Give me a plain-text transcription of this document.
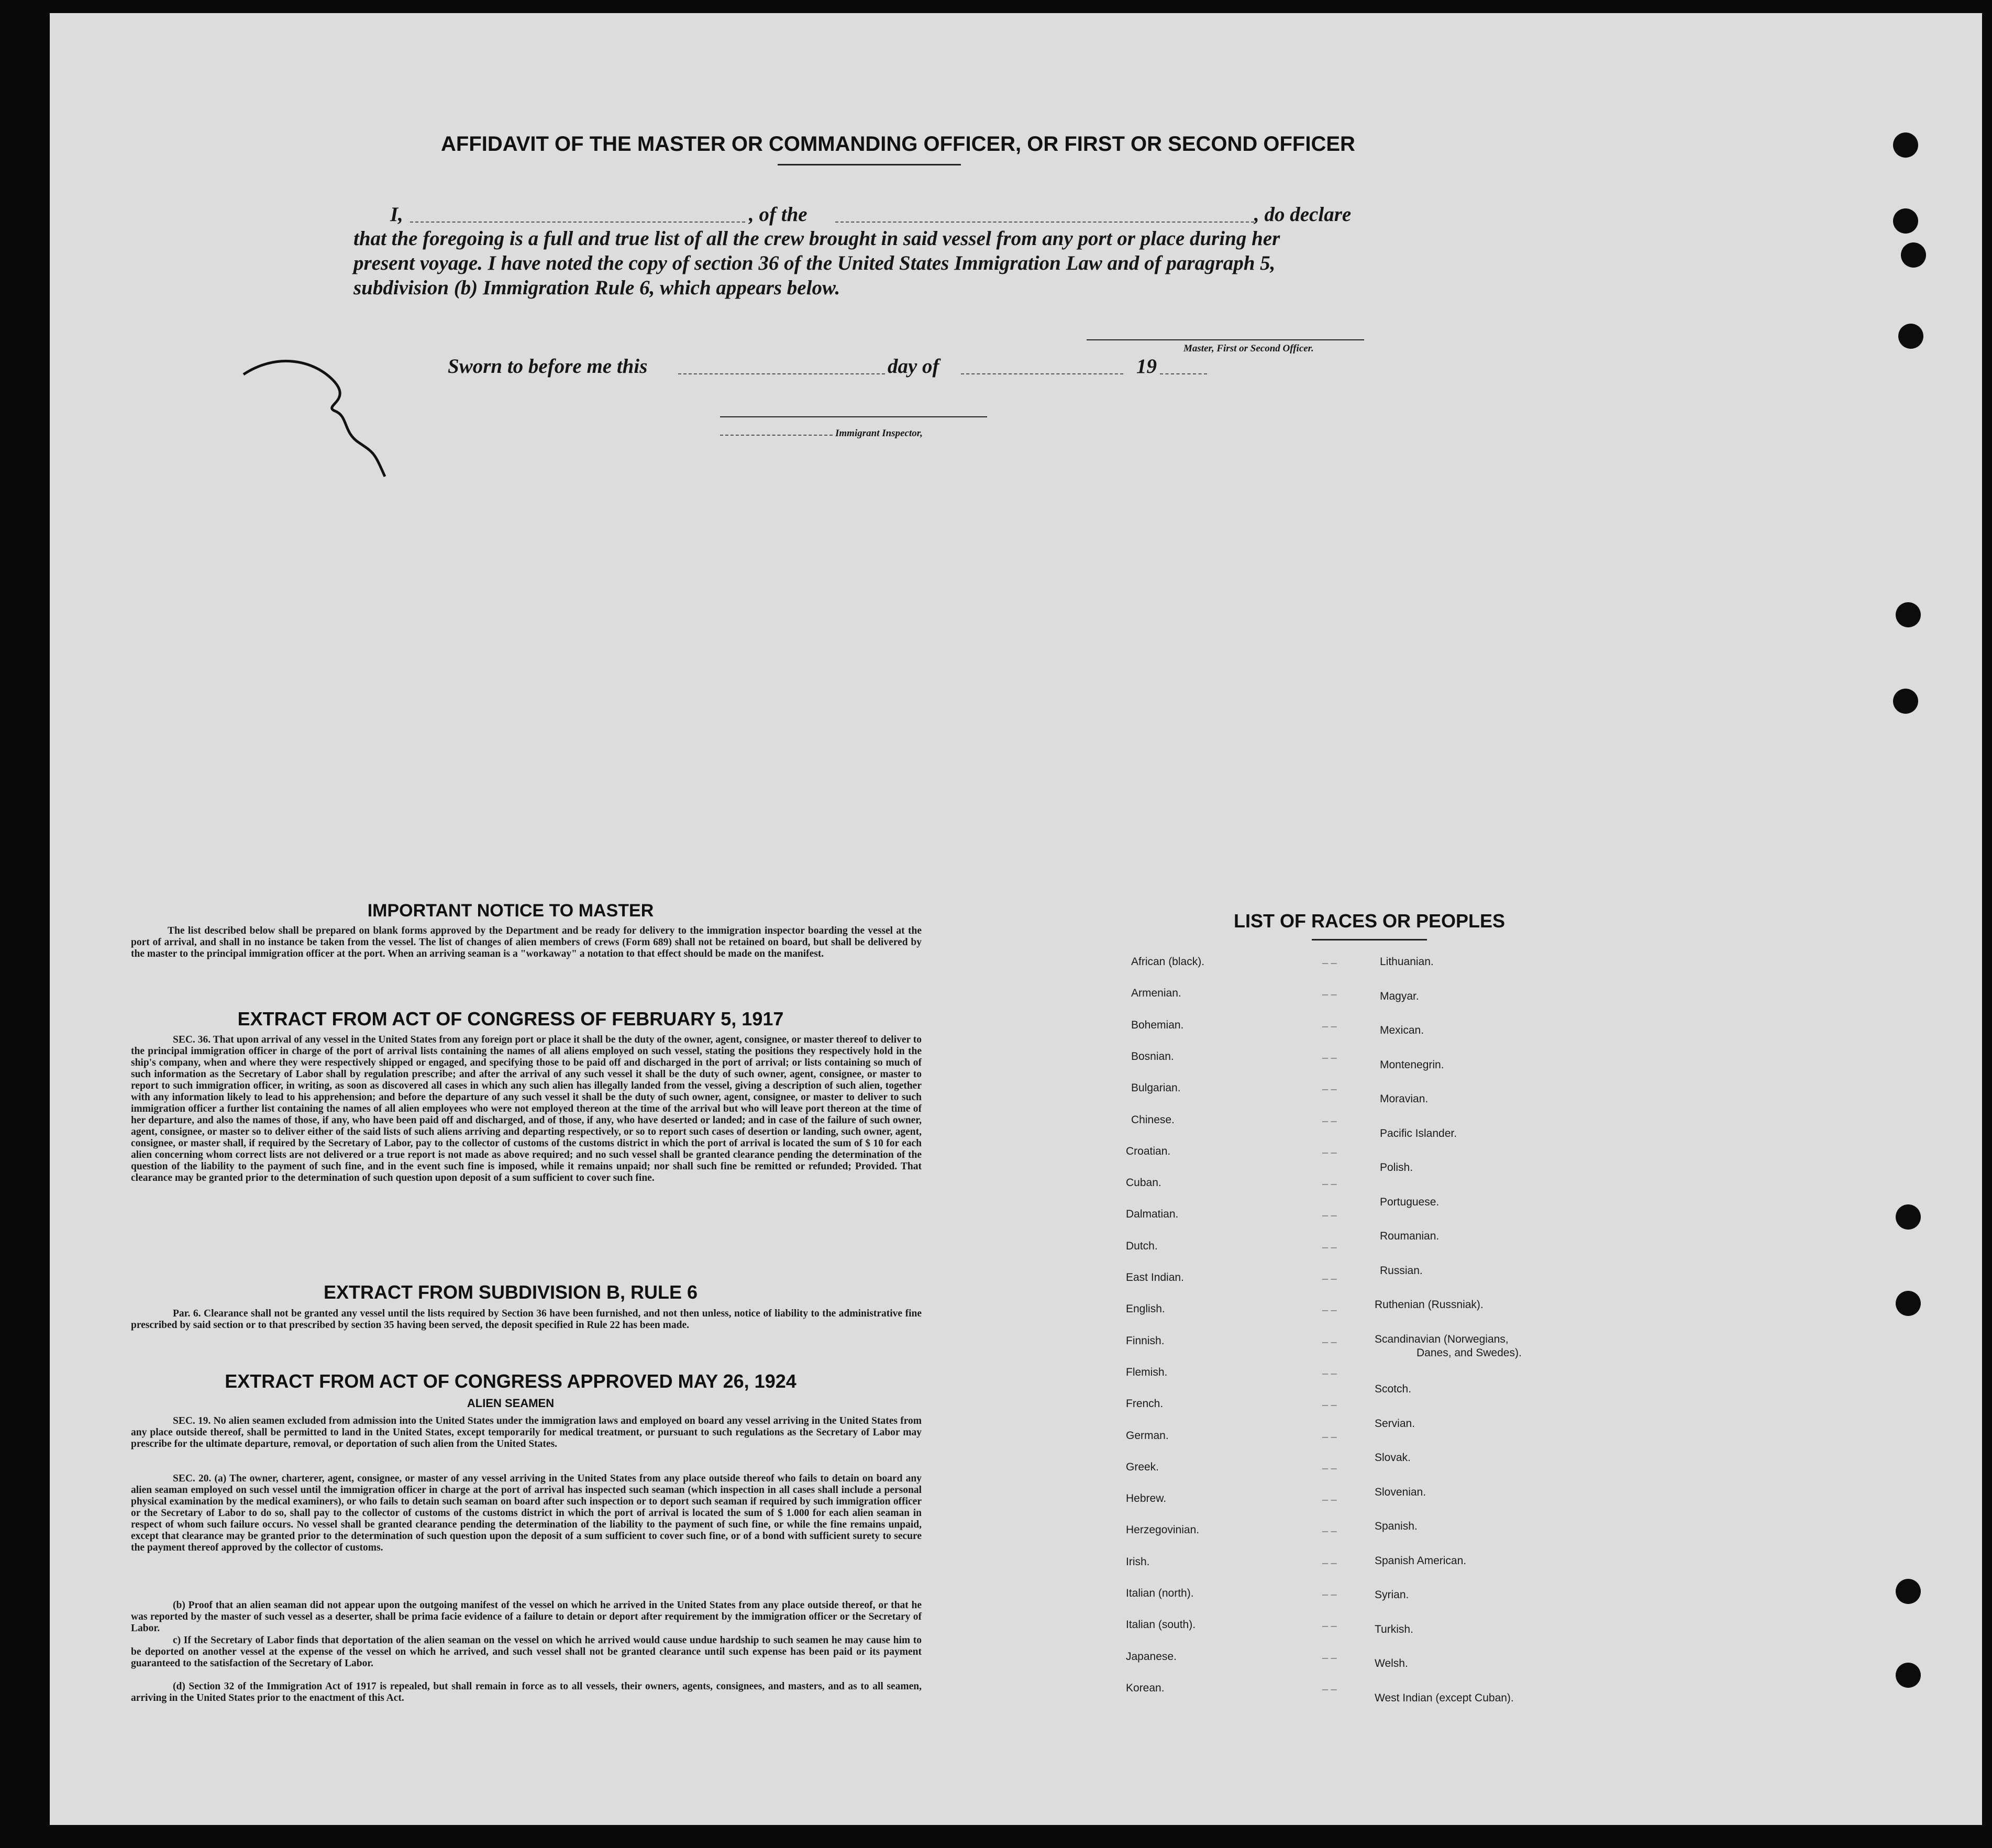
AFFIDAVIT OF THE MASTER OR COMMANDING OFFICER, OR FIRST OR SECOND OFFICER
I,	, of the	, do declare
that the foregoing is a full and true list of all the crew brought in said vessel from any port or place during her
present voyage. I have noted the copy of section 36 of the United States Immigration Law and of paragraph 5,
subdivision (b) Immigration Rule 6, which appears below.
Master, First or Second Officer.
Sworn to before me this	day of	19
Immigrant Inspector,
IMPORTANT NOTICE TO MASTER

The list described below shall be prepared on blank forms approved by the Department and be ready for delivery to the immigration inspector boarding the vessel at the port of arrival, and shall in no instance be taken from the vessel. The list of changes of alien members of crews (Form 689) shall not be retained on board, but shall be delivered by the master to the principal immigration officer at the port. When an arriving seaman is a "workaway" a notation to that effect should be made on the manifest.

EXTRACT FROM ACT OF CONGRESS OF FEBRUARY 5, 1917

SEC. 36. That upon arrival of any vessel in the United States from any foreign port or place it shall be the duty of the owner, agent, consignee, or master thereof to deliver to the principal immigration officer in charge of the port of arrival lists containing the names of all aliens employed on such vessel, stating the positions they respectively hold in the ship's company, when and where they were respectively shipped or engaged, and specifying those to be paid off and discharged in the port of arrival; or lists containing so much of such information as the Secretary of Labor shall by regulation prescribe; and after the arrival of any such vessel it shall be the duty of such owner, agent, consignee, or master to report to such immigration officer, in writing, as soon as discovered all cases in which any such alien has illegally landed from the vessel, giving a description of such alien, together with any information likely to lead to his apprehension; and before the departure of any such vessel it shall be the duty of such owner, agent, consignee, or master to deliver to such immigration officer a further list containing the names of all alien employees who were not employed thereon at the time of the arrival but who will leave port thereon at the time of her departure, and also the names of those, if any, who have been paid off and discharged, and of those, if any, who have deserted or landed; and in case of the failure of such owner, agent, consignee, or master so to deliver either of the said lists of such aliens arriving and departing respectively, or so to report such cases of desertion or landing, such owner, agent, consignee, or master shall, if required by the Secretary of Labor, pay to the collector of customs of the customs district in which the port of arrival is located the sum of $ 10 for each alien concerning whom correct lists are not delivered or a true report is not made as above required; and no such vessel shall be granted clearance pending the determination of the question of the liability to the payment of such fine, and in the event such fine is imposed, while it remains unpaid; nor shall such fine be remitted or refunded; Provided. That clearance may be granted prior to the determination of such question upon deposit of a sum sufficient to cover such fine.

EXTRACT FROM SUBDIVISION B, RULE 6

Par. 6. Clearance shall not be granted any vessel until the lists required by Section 36 have been furnished, and not then unless, notice of liability to the administrative fine prescribed by said section or to that prescribed by section 35 having been served, the deposit specified in Rule 22 has been made.

EXTRACT FROM ACT OF CONGRESS APPROVED MAY 26, 1924
ALIEN SEAMEN

SEC. 19. No alien seamen excluded from admission into the United States under the immigration laws and employed on board any vessel arriving in the United States from any place outside thereof, shall be permitted to land in the United States, except temporarily for medical treatment, or pursuant to such regulations as the Secretary of Labor may prescribe for the ultimate departure, removal, or deportation of such alien from the United States.

SEC. 20. (a) The owner, charterer, agent, consignee, or master of any vessel arriving in the United States from any place outside thereof who fails to detain on board any alien seaman employed on such vessel until the immigration officer in charge at the port of arrival has inspected such seaman (which inspection in all cases shall include a personal physical examination by the medical examiners), or who fails to detain such seaman on board after such inspection or to deport such seaman if required by such immigration officer or the Secretary of Labor to do so, shall pay to the collector of customs of the customs district in which the port of arrival is located the sum of $ 1.000 for each alien seaman in respect of whom such failure occurs. No vessel shall be granted clearance pending the determination of the liability to the payment of such fine, or while the fine remains unpaid, except that clearance may be granted prior to the determination of such question upon the deposit of a sum sufficient to cover such fine, or of a bond with sufficient surety to secure the payment thereof approved by the collector of customs.

(b) Proof that an alien seaman did not appear upon the outgoing manifest of the vessel on which he arrived in the United States from any place outside thereof, or that he was reported by the master of such vessel as a deserter, shall be prima facie evidence of a failure to detain or deport after requirement by the immigration officer or the Secretary of Labor.

c) If the Secretary of Labor finds that deportation of the alien seaman on the vessel on which he arrived would cause undue hardship to such seamen he may cause him to be deported on another vessel at the expense of the vessel on which he arrived, and such vessel shall not be granted clearance until such expense has been paid or its payment guaranteed to the satisfaction of the Secretary of Labor.

(d) Section 32 of the Immigration Act of 1917 is repealed, but shall remain in force as to all vessels, their owners, agents, consignees, and masters, and as to all seamen, arriving in the United States prior to the enactment of this Act.

LIST OF RACES OR PEOPLES
African (black).	– –
Armenian.	– –
Bohemian.	– –
Bosnian.	– –
Bulgarian.	– –
Chinese.	– –
Croatian.	– –
Cuban.	– –
Dalmatian.	– –
Dutch.	– –
East Indian.	– –
English.	– –
Finnish.	– –
Flemish.	– –
French.	– –
German.	– –
Greek.	– –
Hebrew.	– –
Herzegovinian.	– –
Irish.	– –
Italian (north).	– –
Italian (south).	– –
Japanese.	– –
Korean.	– –
Lithuanian.
Magyar.
Mexican.
Montenegrin.
Moravian.
Pacific Islander.
Polish.
Portuguese.
Roumanian.
Russian.
Ruthenian (Russniak).
Scandinavian (Norwegians,
Danes, and Swedes).
Scotch.
Servian.
Slovak.
Slovenian.
Spanish.
Spanish American.
Syrian.
Turkish.
Welsh.
West Indian (except Cuban).
